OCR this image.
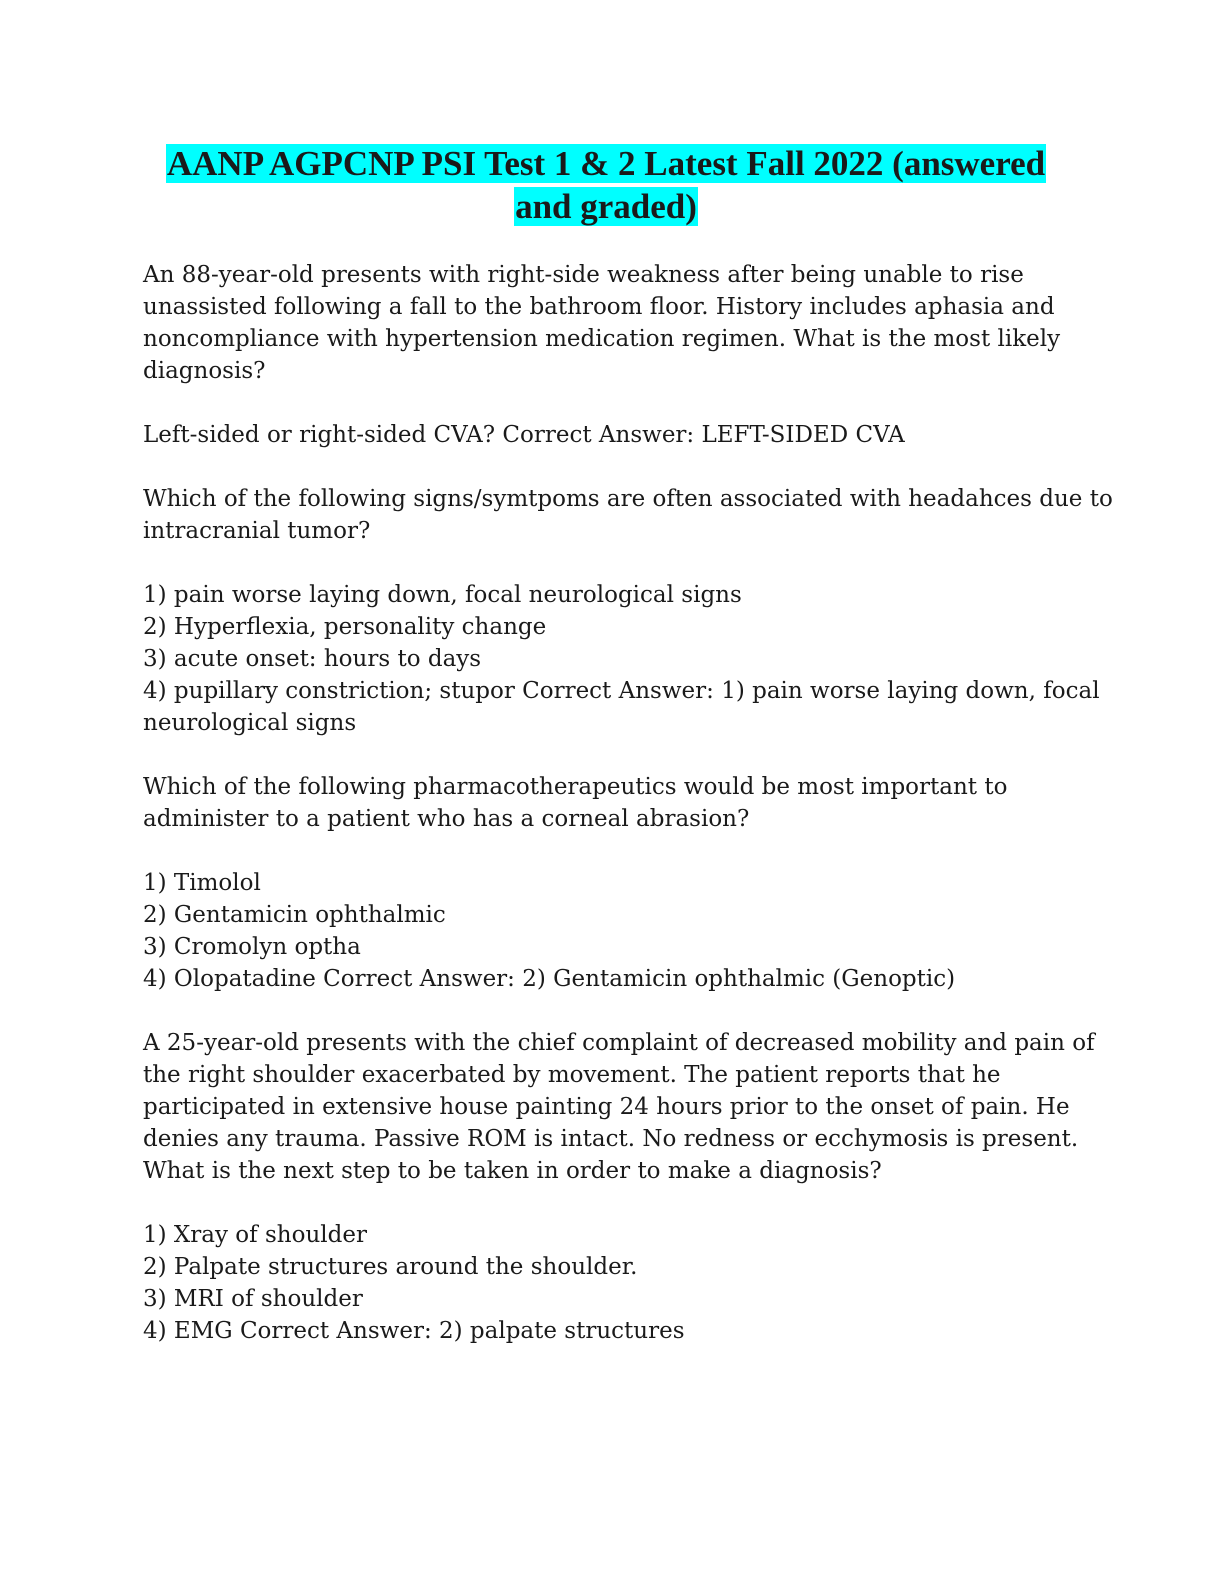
AANP AGPCNP PSI Test 1 & 2 Latest Fall 2022 (answered
and graded)

An 88-year-old presents with right-side weakness after being unable to rise
unassisted following a fall to the bathroom floor. History includes aphasia and
noncompliance with hypertension medication regimen. What is the most likely
diagnosis?

Left-sided or right-sided CVA? Correct Answer: LEFT-SIDED CVA

Which of the following signs/symtpoms are often associated with headahces due to
intracranial tumor?

1) pain worse laying down, focal neurological signs
2) Hyperflexia, personality change
3) acute onset: hours to days
4) pupillary constriction; stupor Correct Answer: 1) pain worse laying down, focal
neurological signs

Which of the following pharmacotherapeutics would be most important to
administer to a patient who has a corneal abrasion?

1) Timolol
2) Gentamicin ophthalmic
3) Cromolyn optha
4) Olopatadine Correct Answer: 2) Gentamicin ophthalmic (Genoptic)

A 25-year-old presents with the chief complaint of decreased mobility and pain of
the right shoulder exacerbated by movement. The patient reports that he
participated in extensive house painting 24 hours prior to the onset of pain. He
denies any trauma. Passive ROM is intact. No redness or ecchymosis is present.
What is the next step to be taken in order to make a diagnosis?

1) Xray of shoulder
2) Palpate structures around the shoulder.
3) MRI of shoulder
4) EMG Correct Answer: 2) palpate structures
